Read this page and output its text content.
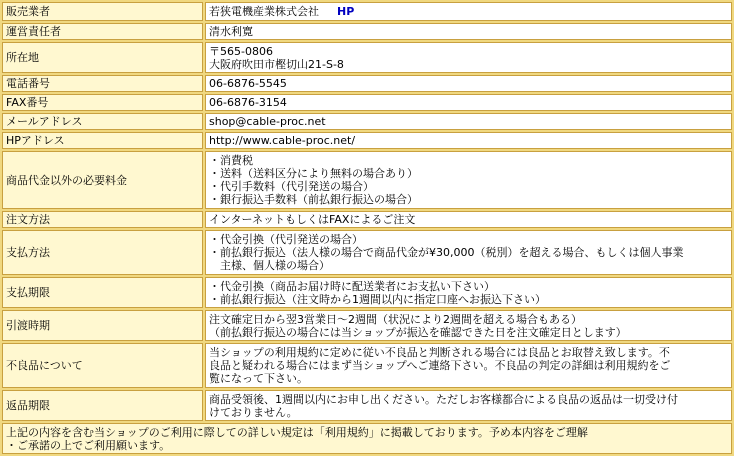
販売業者	若狭電機産業株式会社 HP
運営責任者	清水利寛
所在地	〒565-0806
大阪府吹田市樫切山21-S-8

電話番号	06-6876-5545
FAX番号	06-6876-3154
メールアドレス	shop@cable-proc.net
HPアドレス	http://www.cable-proc.net/
商品代金以外の必要料金	・消費税
・送料（送料区分により無料の場合あり）
・代引手数料（代引発送の場合）
・銀行振込手数料（前払銀行振込の場合）

注文方法	インターネットもしくはFAXによるご注文
支払方法	・代金引換（代引発送の場合）
・前払銀行振込（法人様の場合で商品代金が¥30,000（税別）を超える場合、もしくは個人事業
　主様、個人様の場合）

支払期限	・代金引換（商品お届け時に配送業者にお支払い下さい）
・前払銀行振込（注文時から1週間以内に指定口座へお振込下さい）

引渡時期	注文確定日から翌3営業日～2週間（状況により2週間を超える場合もある）
（前払銀行振込の場合には当ショップが振込を確認できた日を注文確定日とします）

不良品について	当ショップの利用規約に定めに従い不良品と判断される場合には良品とお取替え致します。不
良品と疑われる場合にはまず当ショップへご連絡下さい。不良品の判定の詳細は利用規約をご
覧になって下さい。

返品期限	商品受領後、1週間以内にお申し出ください。ただしお客様都合による良品の返品は一切受け付
けておりません。

上記の内容を含む当ショップのご利用に際しての詳しい規定は「利用規約」に掲載しております。予め本内容をご理解
・ご承諾の上でご利用願います。	
